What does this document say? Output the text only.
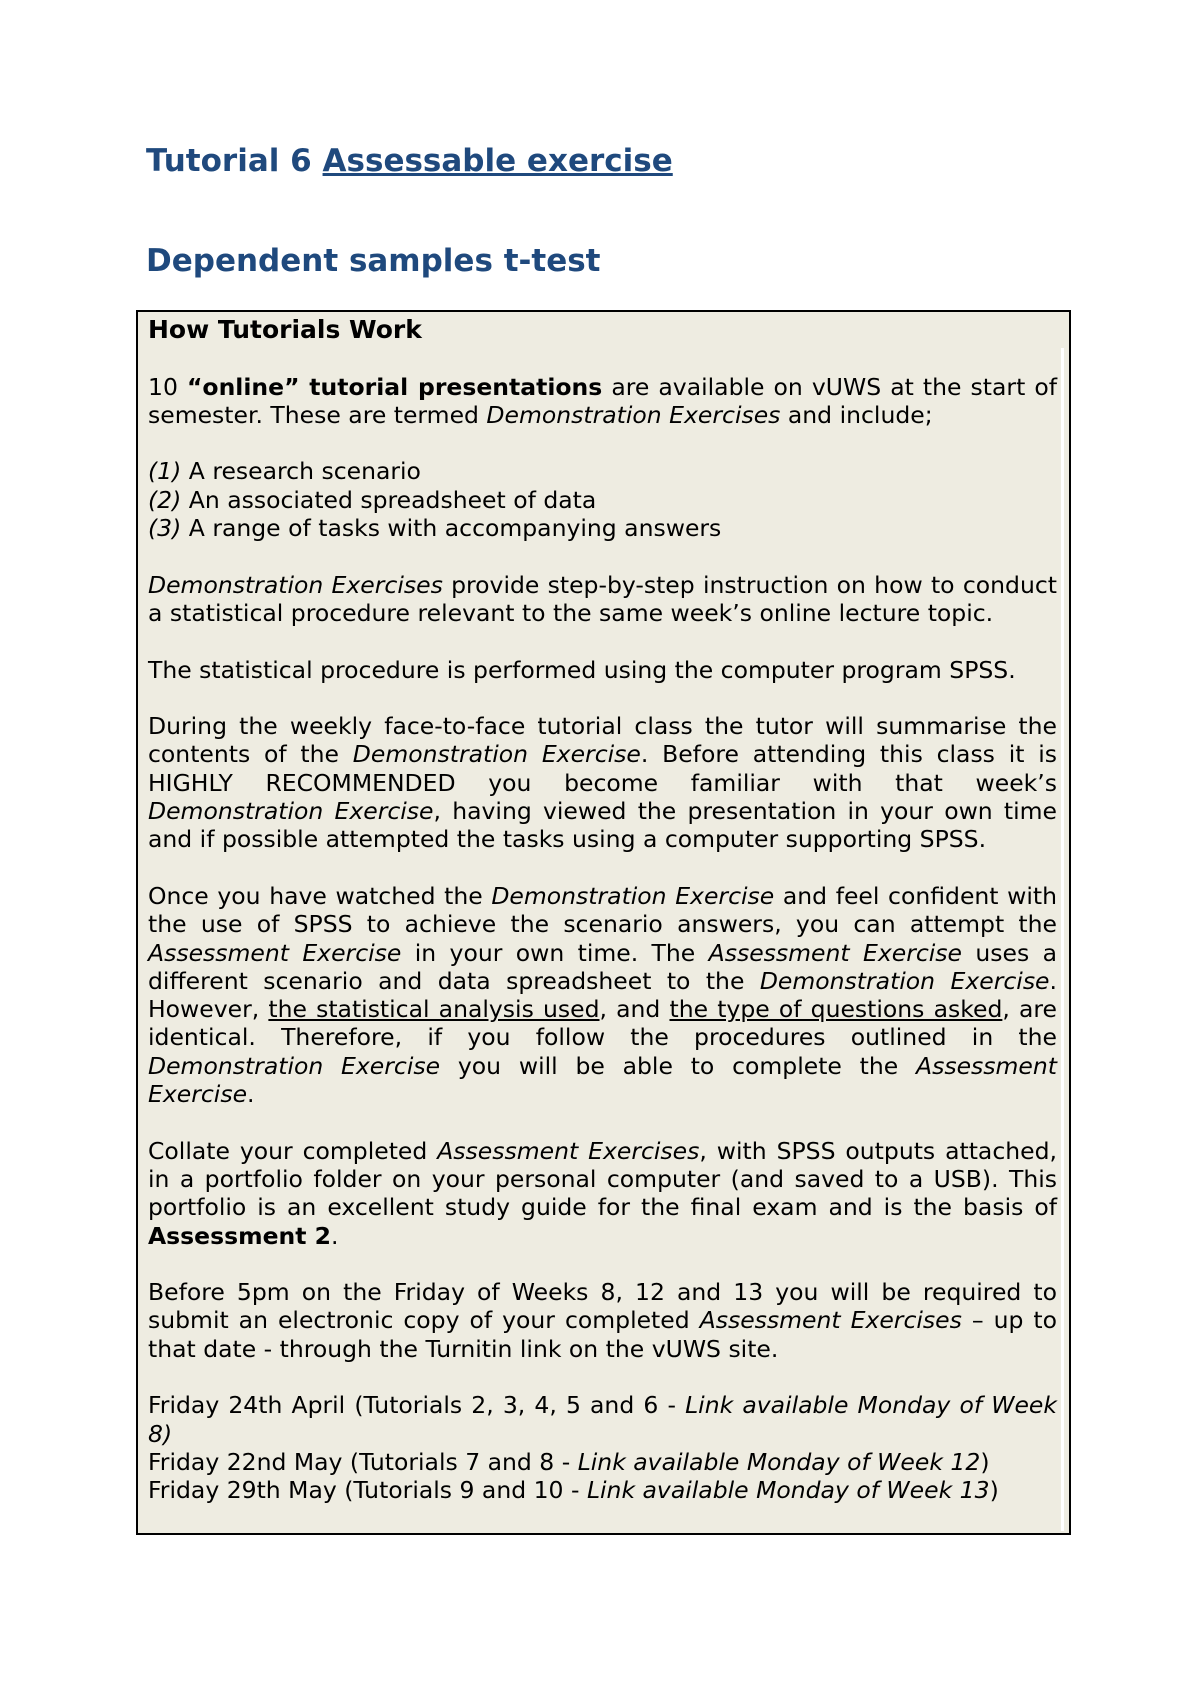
Tutorial 6 Assessable exercise
Dependent samples t-test
How Tutorials Work

10 “online” tutorial presentations are available on vUWS at the start of semester. These are termed Demonstration Exercises and include;

(1) A research scenario
(2) An associated spreadsheet of data
(3) A range of tasks with accompanying answers

Demonstration Exercises provide step-by-step instruction on how to conduct a statistical procedure relevant to the same week’s online lecture topic.

The statistical procedure is performed using the computer program SPSS.

During the weekly face-to-face tutorial class the tutor will summarise the contents of the Demonstration Exercise. Before attending this class it is HIGHLY RECOMMENDED you become familiar with that week’s Demonstration Exercise, having viewed the presentation in your own time and if possible attempted the tasks using a computer supporting SPSS.

Once you have watched the Demonstration Exercise and feel confident with the use of SPSS to achieve the scenario answers, you can attempt the Assessment Exercise in your own time. The Assessment Exercise uses a different scenario and data spreadsheet to the Demonstration Exercise. However, the statistical analysis used, and the type of questions asked, are identical. Therefore, if you follow the procedures outlined in the Demonstration Exercise you will be able to complete the Assessment Exercise.

Collate your completed Assessment Exercises, with SPSS outputs attached, in a portfolio folder on your personal computer (and saved to a USB). This portfolio is an excellent study guide for the final exam and is the basis of Assessment 2.

Before 5pm on the Friday of Weeks 8, 12 and 13 you will be required to submit an electronic copy of your completed Assessment Exercises – up to that date - through the Turnitin link on the vUWS site.

Friday 24th April (Tutorials 2, 3, 4, 5 and 6 - Link available Monday of Week 8)

Friday 22nd May (Tutorials 7 and 8 - Link available Monday of Week 12)

Friday 29th May (Tutorials 9 and 10 - Link available Monday of Week 13)
